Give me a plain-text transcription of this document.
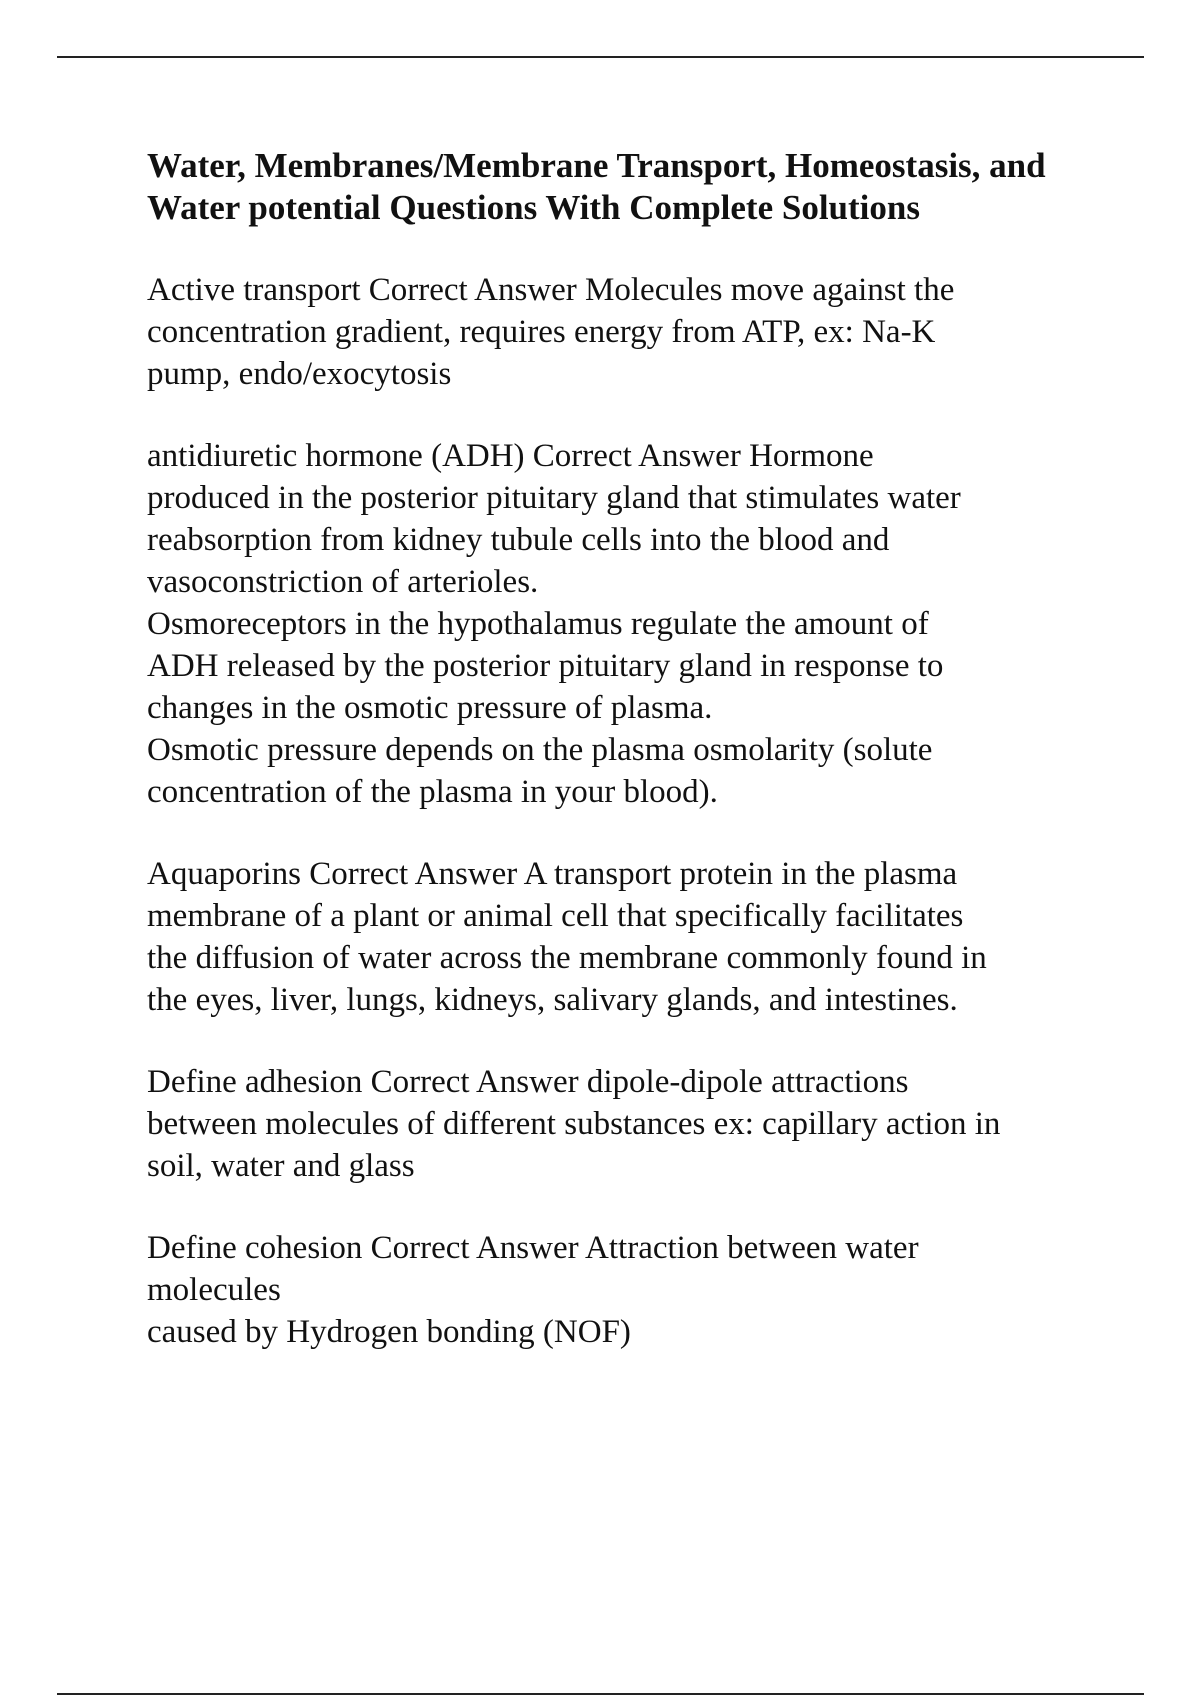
Water, Membranes/Membrane Transport, Homeostasis, and
Water potential Questions With Complete Solutions
Active transport Correct Answer Molecules move against the
concentration gradient, requires energy from ATP, ex: Na-K
pump, endo/exocytosis
antidiuretic hormone (ADH) Correct Answer Hormone
produced in the posterior pituitary gland that stimulates water
reabsorption from kidney tubule cells into the blood and
vasoconstriction of arterioles.
Osmoreceptors in the hypothalamus regulate the amount of
ADH released by the posterior pituitary gland in response to
changes in the osmotic pressure of plasma.
Osmotic pressure depends on the plasma osmolarity (solute
concentration of the plasma in your blood).
Aquaporins Correct Answer A transport protein in the plasma
membrane of a plant or animal cell that specifically facilitates
the diffusion of water across the membrane commonly found in
the eyes, liver, lungs, kidneys, salivary glands, and intestines.
Define adhesion Correct Answer dipole-dipole attractions
between molecules of different substances ex: capillary action in
soil, water and glass
Define cohesion Correct Answer Attraction between water
molecules
caused by Hydrogen bonding (NOF)
